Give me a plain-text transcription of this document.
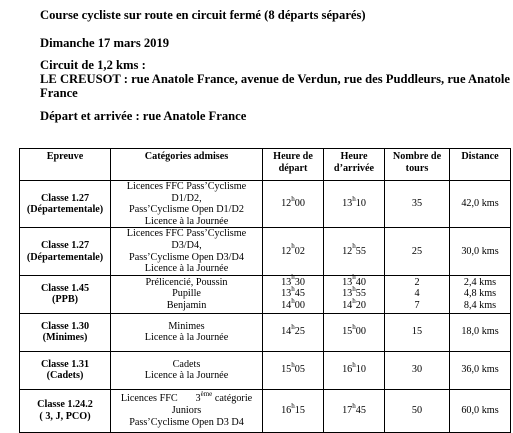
Course cycliste sur route en circuit fermé (8 départs séparés)
Dimanche 17 mars 2019
Circuit de 1,2 kms :
LE CREUSOT : rue Anatole France, avenue de Verdun, rue des Puddleurs, rue Anatole
France
Départ et arrivée : rue Anatole France
Epreuve	Catégories admises	Heure de
départ	Heure
d’arrivée	Nombre de
tours	Distance
Classe 1.27
(Départementale)	Licences FFC Pass’Cyclisme D1/D2,
Pass’Cyclisme Open D1/D2
Licence à la Journée	12$^h$00	13$^h$10	35	42,0 kms
Classe 1.27
(Départementale)	Licences FFC Pass’Cyclisme D3/D4,
Pass’Cyclisme Open D3/D4
Licence à la Journée	12$^h$02	12$^h$55	25	30,0 kms
Classe 1.45
(PPB)	Prélicencié, Poussin
Pupille
Benjamin	13$^h$30
13$^h$45
14$^h$00	13$^h$40
13$^h$55
14$^h$20	2
4
7	2,4 kms
4,8 kms
8,4 kms
Classe 1.30
(Minimes)	Minimes
Licence à la Journée	14$^h$25	15$^h$00	15	18,0 kms
Classe 1.31
(Cadets)	Cadets
Licence à la Journée	15$^h$05	16$^h$10	30	36,0 kms
Classe 1.24.2
( 3, J, PCO)	Licences FFC 3ème catégorie
Juniors
Pass’Cyclisme Open D3 D4	16$^h$15	17$^h$45	50	60,0 kms
